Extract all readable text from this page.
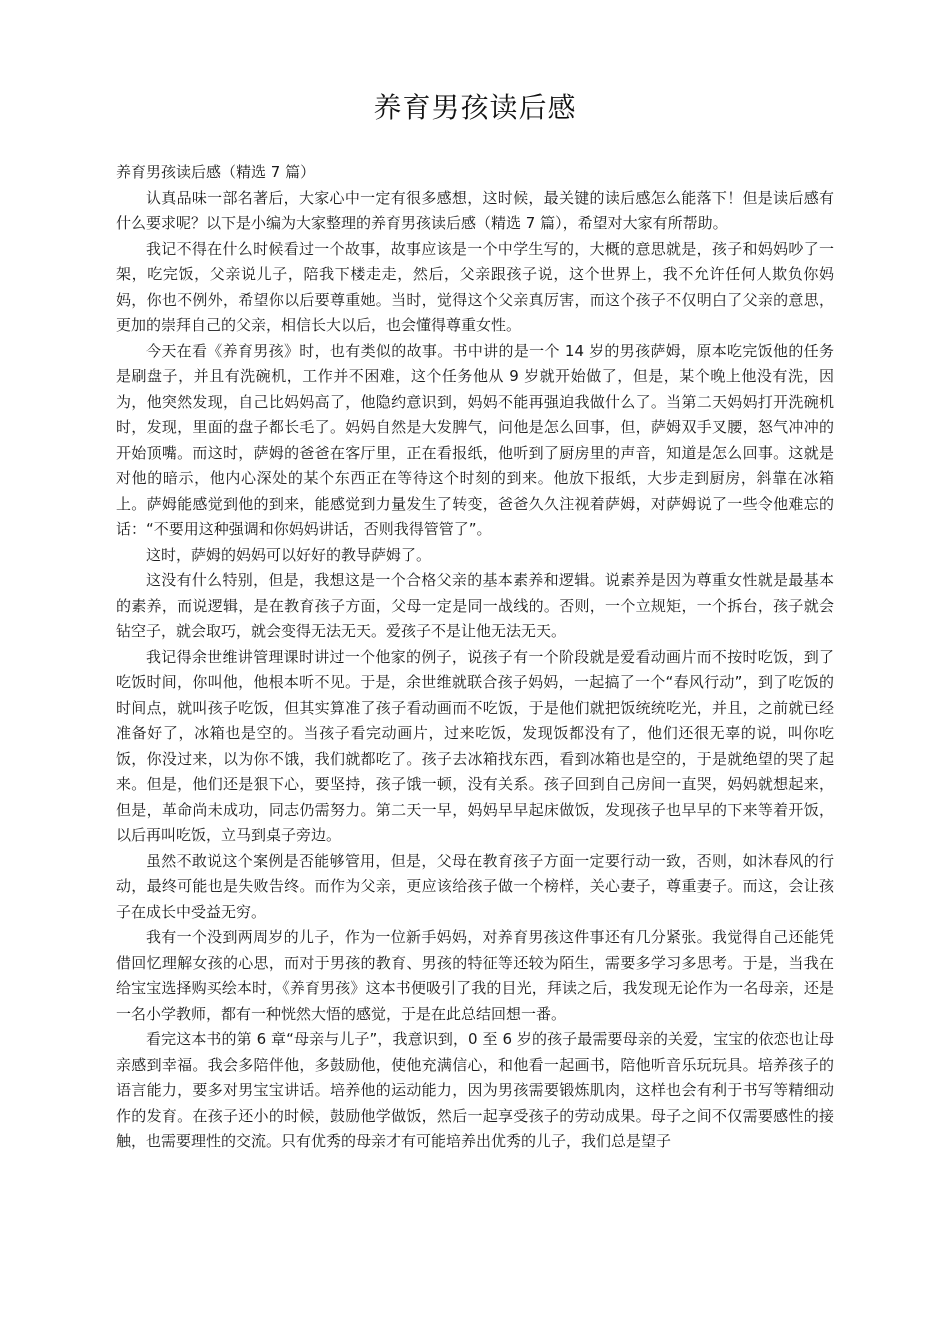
养育男孩读后感

养育男孩读后感（精选 7 篇）

认真品味一部名著后，大家心中一定有很多感想，这时候，最关键的读后感怎么能落下！但是读后感有什么要求呢？以下是小编为大家整理的养育男孩读后感（精选 7 篇），希望对大家有所帮助。

我记不得在什么时候看过一个故事，故事应该是一个中学生写的，大概的意思就是，孩子和妈妈吵了一架，吃完饭，父亲说儿子，陪我下楼走走，然后，父亲跟孩子说，这个世界上，我不允许任何人欺负你妈妈，你也不例外，希望你以后要尊重她。当时，觉得这个父亲真厉害，而这个孩子不仅明白了父亲的意思，更加的崇拜自己的父亲，相信长大以后，也会懂得尊重女性。

今天在看《养育男孩》时，也有类似的故事。书中讲的是一个 14 岁的男孩萨姆，原本吃完饭他的任务是刷盘子，并且有洗碗机，工作并不困难，这个任务他从 9 岁就开始做了，但是，某个晚上他没有洗，因为，他突然发现，自己比妈妈高了，他隐约意识到，妈妈不能再强迫我做什么了。当第二天妈妈打开洗碗机时，发现，里面的盘子都长毛了。妈妈自然是大发脾气，问他是怎么回事，但，萨姆双手叉腰，怒气冲冲的开始顶嘴。而这时，萨姆的爸爸在客厅里，正在看报纸，他听到了厨房里的声音，知道是怎么回事。这就是对他的暗示，他内心深处的某个东西正在等待这个时刻的到来。他放下报纸，大步走到厨房，斜靠在冰箱上。萨姆能感觉到他的到来，能感觉到力量发生了转变，爸爸久久注视着萨姆，对萨姆说了一些令他难忘的话：“不要用这种强调和你妈妈讲话，否则我得管管了”。

这时，萨姆的妈妈可以好好的教导萨姆了。

这没有什么特别，但是，我想这是一个合格父亲的基本素养和逻辑。说素养是因为尊重女性就是最基本的素养，而说逻辑，是在教育孩子方面，父母一定是同一战线的。否则，一个立规矩，一个拆台，孩子就会钻空子，就会取巧，就会变得无法无天。爱孩子不是让他无法无天。

我记得余世维讲管理课时讲过一个他家的例子，说孩子有一个阶段就是爱看动画片而不按时吃饭，到了吃饭时间，你叫他，他根本听不见。于是，余世维就联合孩子妈妈，一起搞了一个“春风行动”，到了吃饭的时间点，就叫孩子吃饭，但其实算准了孩子看动画而不吃饭，于是他们就把饭统统吃光，并且，之前就已经准备好了，冰箱也是空的。当孩子看完动画片，过来吃饭，发现饭都没有了，他们还很无辜的说，叫你吃饭，你没过来，以为你不饿，我们就都吃了。孩子去冰箱找东西，看到冰箱也是空的，于是就绝望的哭了起来。但是，他们还是狠下心，要坚持，孩子饿一顿，没有关系。孩子回到自己房间一直哭，妈妈就想起来，但是，革命尚未成功，同志仍需努力。第二天一早，妈妈早早起床做饭，发现孩子也早早的下来等着开饭，以后再叫吃饭，立马到桌子旁边。

虽然不敢说这个案例是否能够管用，但是，父母在教育孩子方面一定要行动一致，否则，如沐春风的行动，最终可能也是失败告终。而作为父亲，更应该给孩子做一个榜样，关心妻子，尊重妻子。而这，会让孩子在成长中受益无穷。

我有一个没到两周岁的儿子，作为一位新手妈妈，对养育男孩这件事还有几分紧张。我觉得自己还能凭借回忆理解女孩的心思，而对于男孩的教育、男孩的特征等还较为陌生，需要多学习多思考。于是，当我在给宝宝选择购买绘本时，《养育男孩》这本书便吸引了我的目光，拜读之后，我发现无论作为一名母亲，还是一名小学教师，都有一种恍然大悟的感觉，于是在此总结回想一番。

看完这本书的第 6 章“母亲与儿子”，我意识到，0 至 6 岁的孩子最需要母亲的关爱，宝宝的依恋也让母亲感到幸福。我会多陪伴他，多鼓励他，使他充满信心，和他看一起画书，陪他听音乐玩玩具。培养孩子的语言能力，要多对男宝宝讲话。培养他的运动能力，因为男孩需要锻炼肌肉，这样也会有利于书写等精细动作的发育。在孩子还小的时候，鼓励他学做饭，然后一起享受孩子的劳动成果。母子之间不仅需要感性的接触，也需要理性的交流。只有优秀的母亲才有可能培养出优秀的儿子，我们总是望子
